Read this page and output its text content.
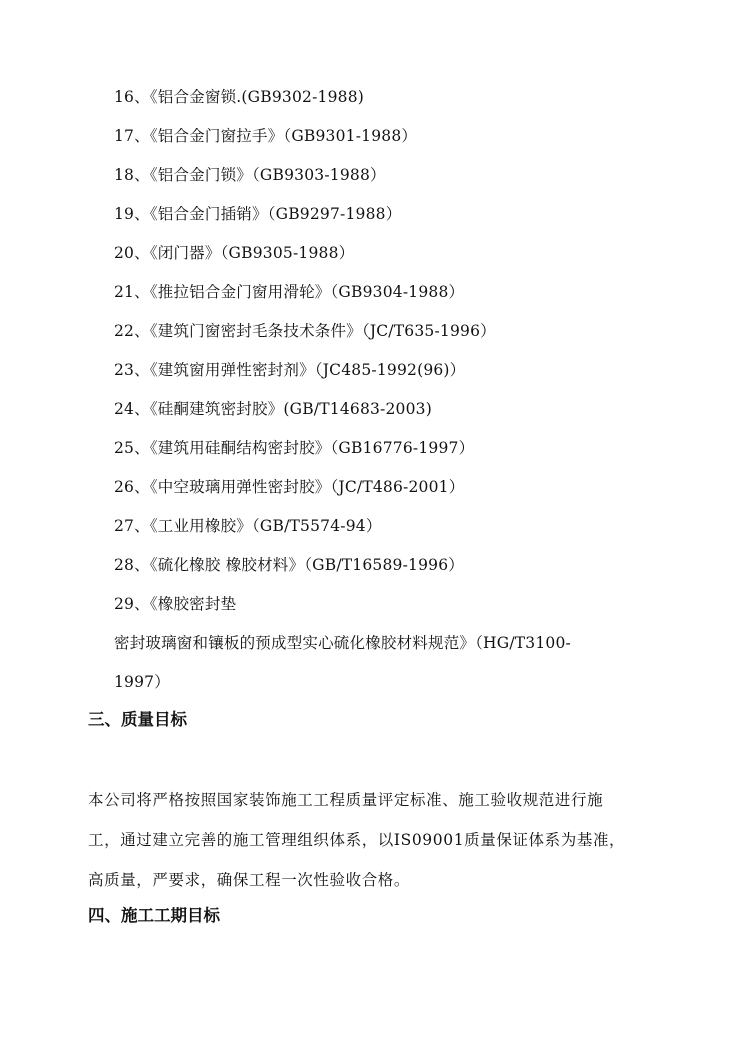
16、《铝合金窗锁.(GB9302-1988)
17、《铝合金门窗拉手》（GB9301-1988）
18、《铝合金门锁》（GB9303-1988）
19、《铝合金门插销》（GB9297-1988）
20、《闭门器》（GB9305-1988）
21、《推拉铝合金门窗用滑轮》（GB9304-1988）
22、《建筑门窗密封毛条技术条件》（JC/T635-1996）
23、《建筑窗用弹性密封剂》（JC485-1992(96)）
24、《硅酮建筑密封胶》(GB/T14683-2003)
25、《建筑用硅酮结构密封胶》（GB16776-1997）
26、《中空玻璃用弹性密封胶》（JC/T486-2001）
27、《工业用橡胶》（GB/T5574-94）
28、《硫化橡胶 橡胶材料》（GB/T16589-1996）
29、《橡胶密封垫
密封玻璃窗和镶板的预成型实心硫化橡胶材料规范》（HG/T3100-
1997）
三、质量目标
本公司将严格按照国家装饰施工工程质量评定标准、施工验收规范进行施
工，通过建立完善的施工管理组织体系，以IS09001质量保证体系为基准，
高质量，严要求，确保工程一次性验收合格。
四、施工工期目标
